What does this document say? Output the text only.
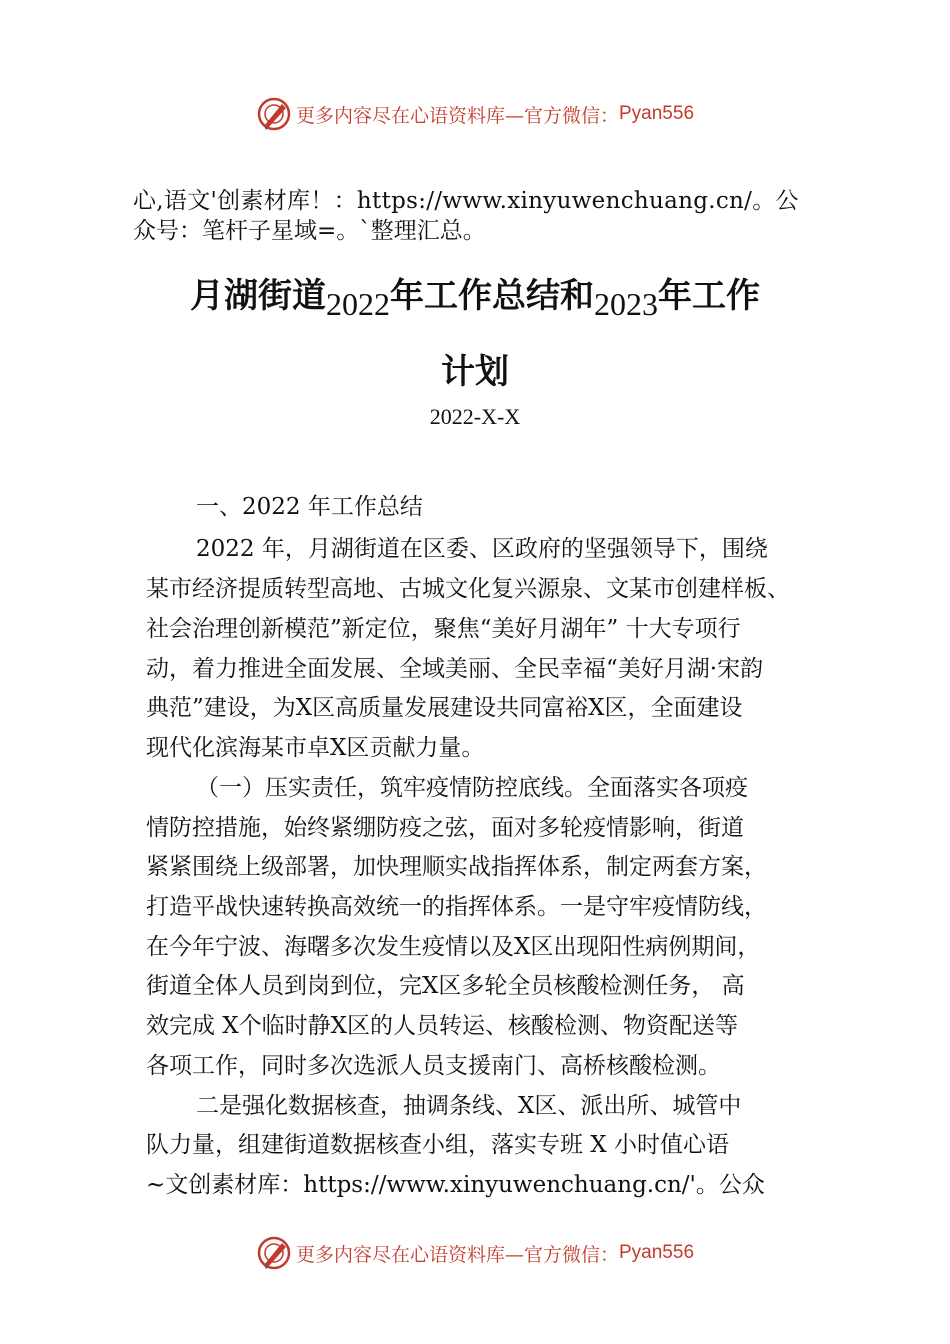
更多内容尽在心语资料库—官方微信： Pyan556
心,语文'创素材库！：https://www.xinyuwenchuang.cn/。公
众号：笔杆子星域=。`整理汇总。
月湖街道2022年工作总结和2023年工作
计划
2022-X-X
一、2022 年工作总结
2022 年，月湖街道在区委、区政府的坚强领导下，围绕
某市经济提质转型高地、古城文化复兴源泉、文某市创建样板、
社会治理创新模范”新定位，聚焦“美好月湖年” 十大专项行
动，着力推进全面发展、全域美丽、全民幸福“美好月湖·宋韵
典范”建设，为X区高质量发展建设共同富裕X区，全面建设
现代化滨海某市卓X区贡献力量。
（一）压实责任，筑牢疫情防控底线。全面落实各项疫
情防控措施，始终紧绷防疫之弦，面对多轮疫情影响，街道
紧紧围绕上级部署，加快理顺实战指挥体系，制定两套方案，
打造平战快速转换高效统一的指挥体系。一是守牢疫情防线，
在今年宁波、海曙多次发生疫情以及X区出现阳性病例期间，
街道全体人员到岗到位，完X区多轮全员核酸检测任务， 高
效完成 X个临时静X区的人员转运、核酸检测、物资配送等
各项工作，同时多次选派人员支援南门、高桥核酸检测。
二是强化数据核查，抽调条线、X区、派出所、城管中
队力量，组建街道数据核查小组，落实专班 X 小时值心语
~文创素材库：https://www.xinyuwenchuang.cn/'。公众
更多内容尽在心语资料库—官方微信： Pyan556
